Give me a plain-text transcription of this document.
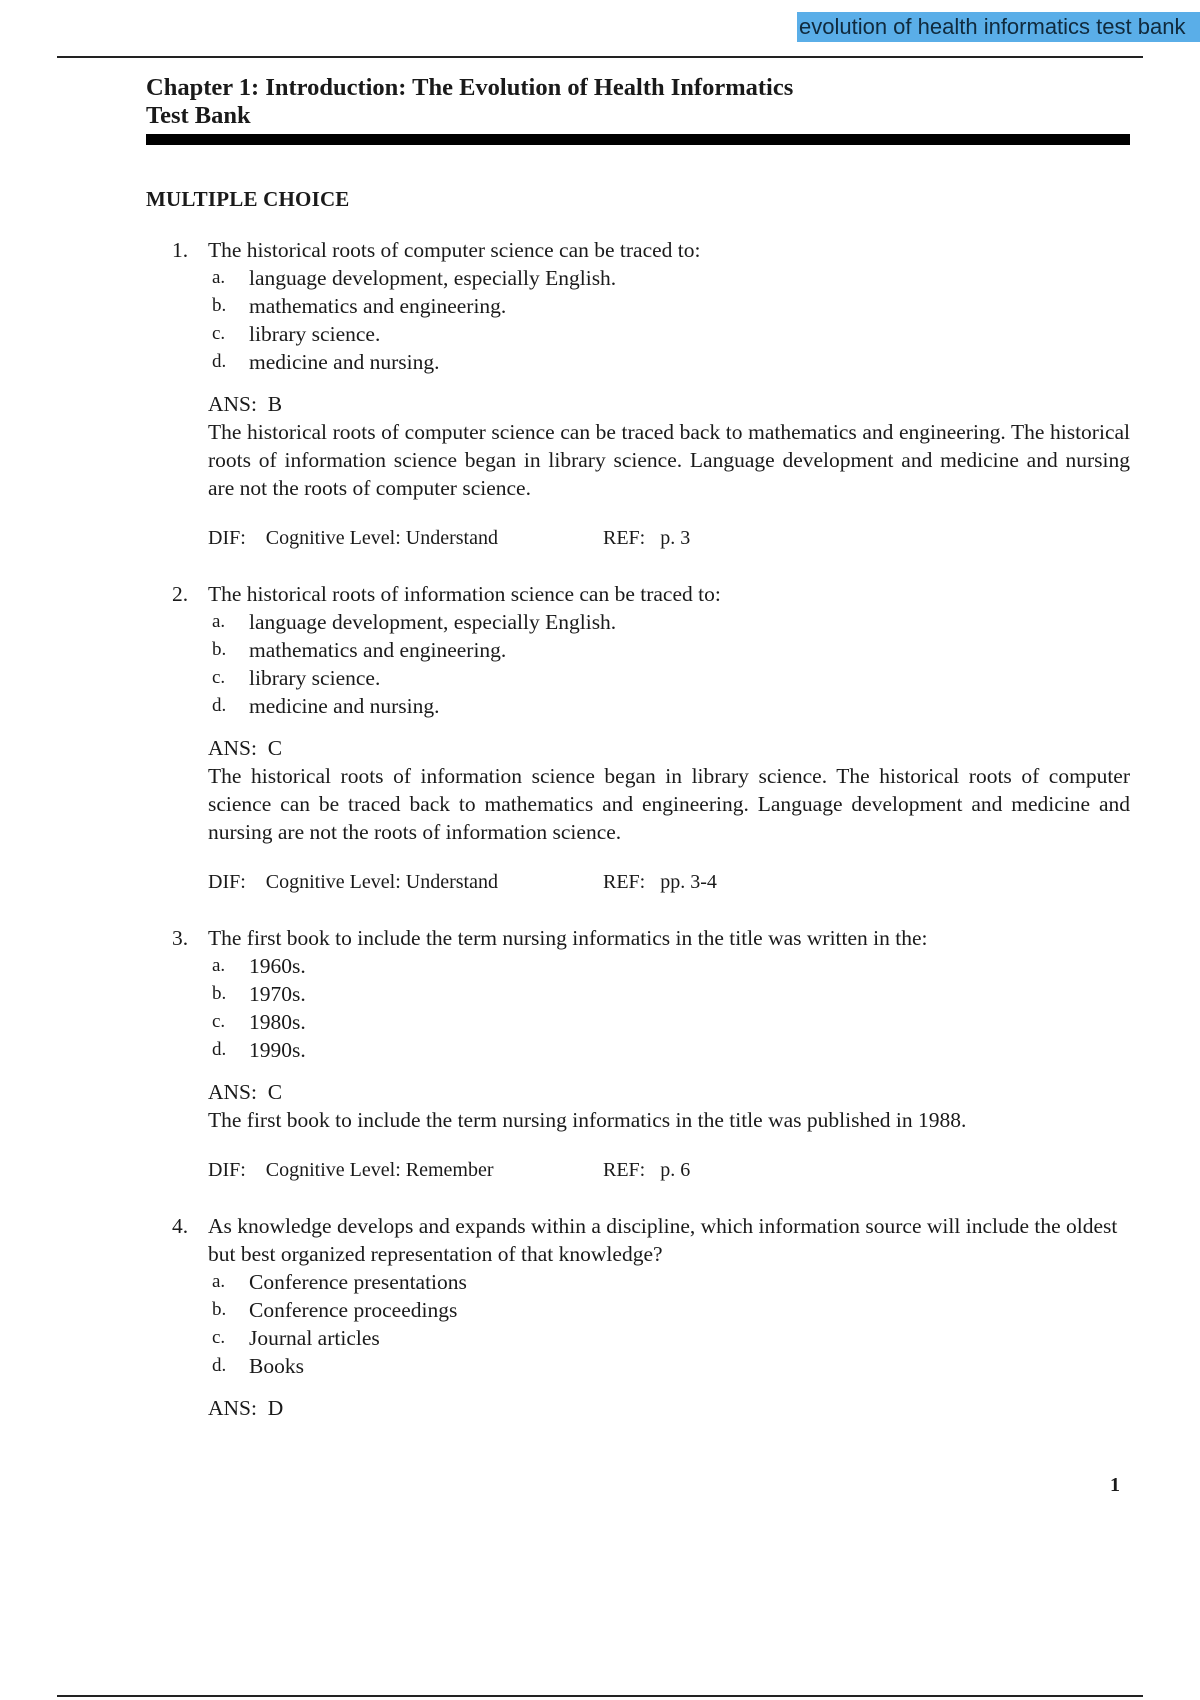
evolution of health informatics test bank

Chapter 1: Introduction: The Evolution of Health Informatics

Test Bank

MULTIPLE CHOICE

1. The historical roots of computer science can be traced to:

a. language development, especially English.
b. mathematics and engineering.
c. library science.
d. medicine and nursing.
ANS:  B
The historical roots of computer science can be traced back to mathematics and engineering. The historical roots of information science began in library science. Language development and medicine and nursing are not the roots of computer science.
DIF:    Cognitive Level: Understand	REF:   p. 3
2. The historical roots of information science can be traced to:

a. language development, especially English.
b. mathematics and engineering.
c. library science.
d. medicine and nursing.
ANS:  C
The historical roots of information science began in library science. The historical roots of computer science can be traced back to mathematics and engineering. Language development and medicine and nursing are not the roots of information science.
DIF:    Cognitive Level: Understand	REF:   pp. 3-4
3. The first book to include the term nursing informatics in the title was written in the:

a. 1960s.
b. 1970s.
c. 1980s.
d. 1990s.
ANS:  C
The first book to include the term nursing informatics in the title was published in 1988.
DIF:    Cognitive Level: Remember	REF:   p. 6
4. As knowledge develops and expands within a discipline, which information source will include the oldest but best organized representation of that knowledge?

a. Conference presentations
b. Conference proceedings
c. Journal articles
d. Books
ANS:  D
1
